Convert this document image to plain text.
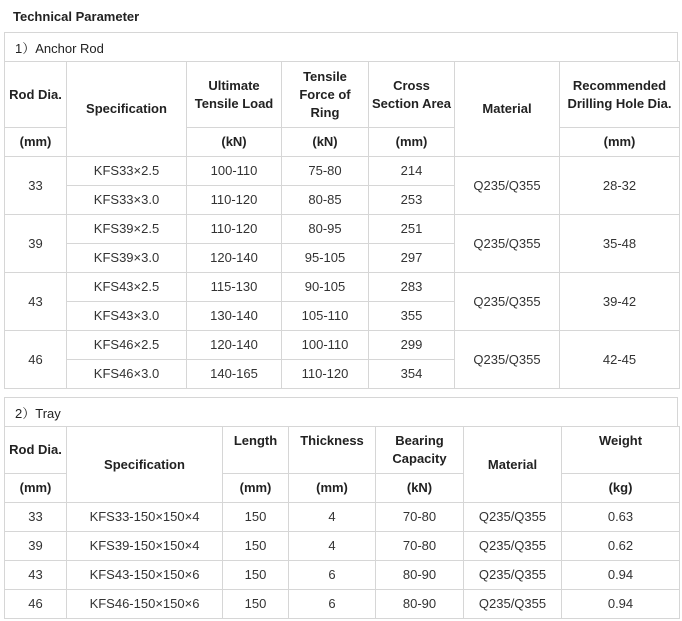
Technical Parameter
1）Anchor Rod
Rod Dia.	Specification	Ultimate Tensile Load	Tensile Force of Ring	Cross Section Area	Material	Recommended Drilling Hole Dia.
(mm)		(kN)	(kN)	(mm)		(mm)
33	KFS33×2.5	100-110	75-80	214	Q235/Q355	28-32
	KFS33×3.0	110-120	80-85	253		
39	KFS39×2.5	110-120	80-95	251	Q235/Q355	35-48
	KFS39×3.0	120-140	95-105	297		
43	KFS43×2.5	115-130	90-105	283	Q235/Q355	39-42
	KFS43×3.0	130-140	105-110	355		
46	KFS46×2.5	120-140	100-110	299	Q235/Q355	42-45
	KFS46×3.0	140-165	110-120	354		
2）Tray
Rod Dia.	Specification	Length	Thickness	Bearing Capacity	Material	Weight
(mm)		(mm)	(mm)	(kN)		(kg)
33	KFS33-150×150×4	150	4	70-80	Q235/Q355	0.63
39	KFS39-150×150×4	150	4	70-80	Q235/Q355	0.62
43	KFS43-150×150×6	150	6	80-90	Q235/Q355	0.94
46	KFS46-150×150×6	150	6	80-90	Q235/Q355	0.94
